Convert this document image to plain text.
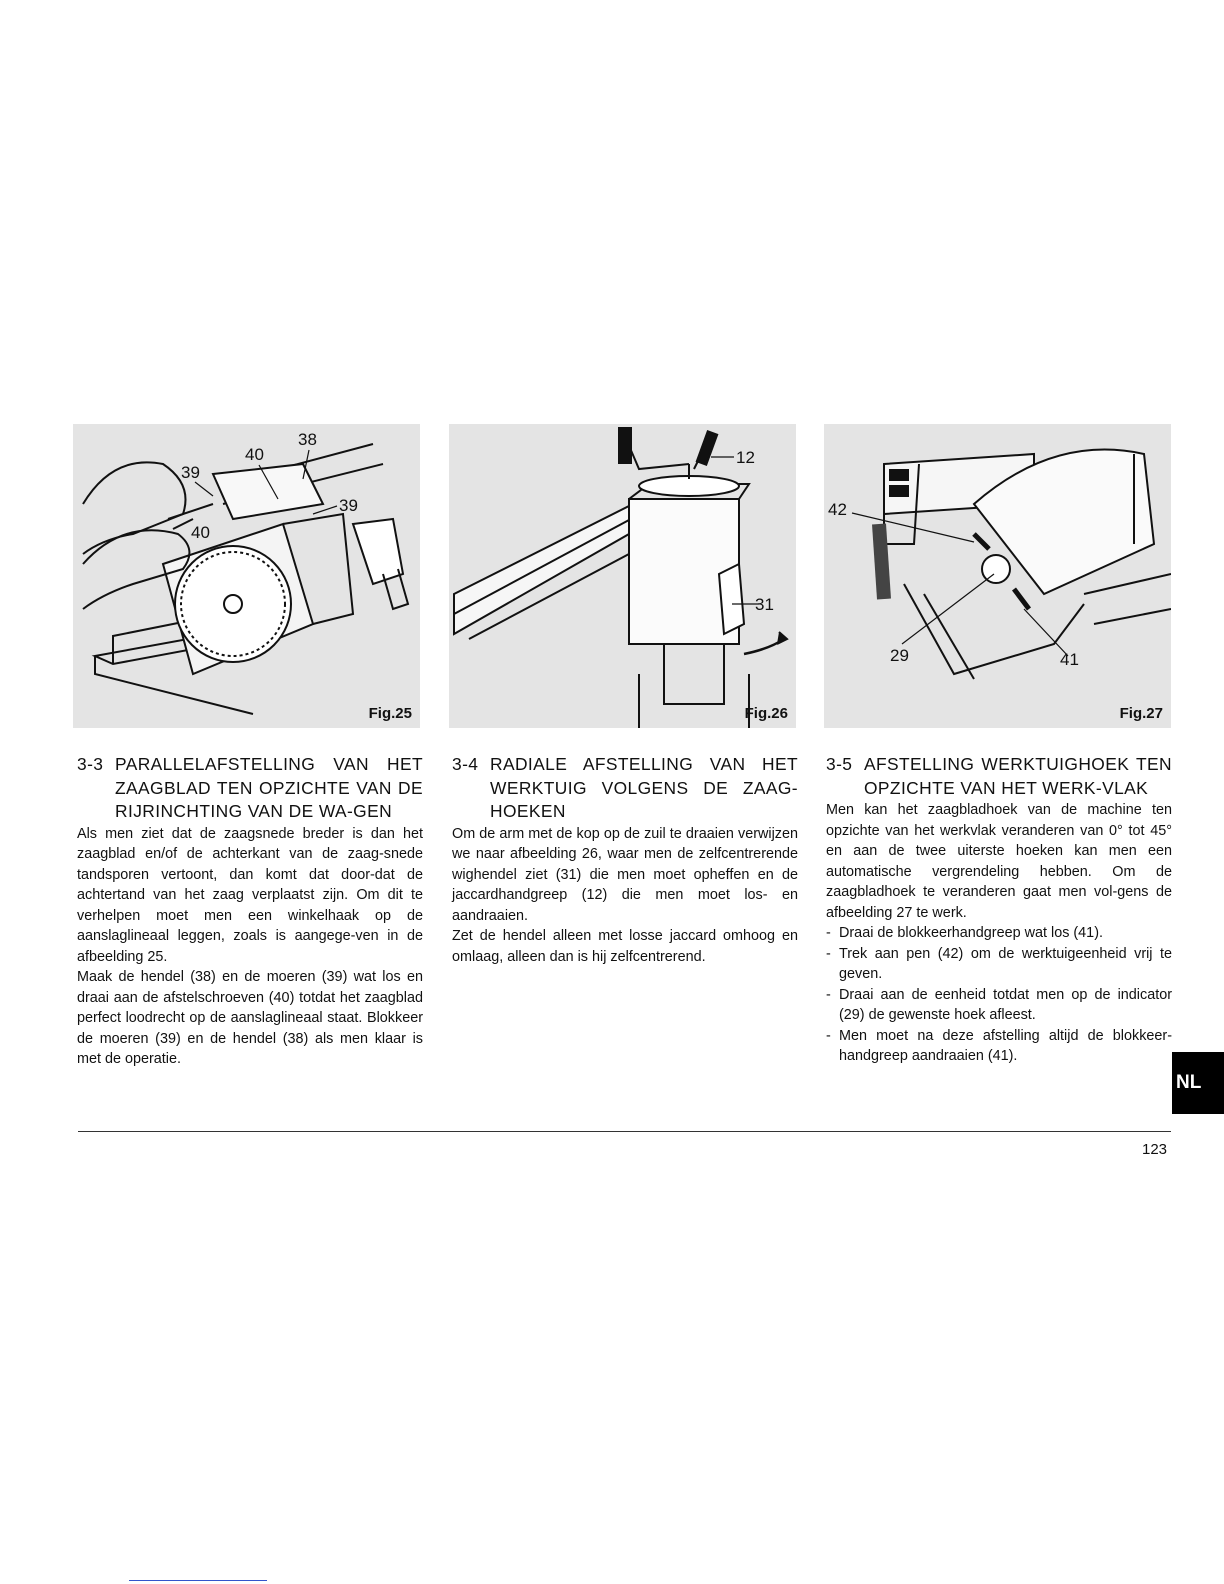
38
40
39
39
40
Fig.25
12
31
Fig.26
42
29	41
Fig.27
3-3 PARALLELAFSTELLING VAN HET ZAAGBLAD TEN OPZICHTE VAN DE RIJRINCHTING VAN DE WA-GEN

Als men ziet dat de zaagsnede breder is dan het zaagblad en/of de achterkant van de zaag-snede tandsporen vertoont, dan komt dat door-dat de achtertand van het zaag verplaatst zijn. Om dit te verhelpen moet men een winkelhaak op de aanslaglineaal leggen, zoals is aangege-ven in de afbeelding 25.

Maak de hendel (38) en de moeren (39) wat los en draai aan de afstelschroeven (40) totdat het zaagblad perfect loodrecht op de aanslaglineaal staat. Blokkeer de moeren (39) en de hendel (38) als men klaar is met de operatie.

3-4 RADIALE AFSTELLING VAN HET WERKTUIG VOLGENS DE ZAAG-HOEKEN

Om de arm met de kop op de zuil te draaien verwijzen we naar afbeelding 26, waar men de zelfcentrerende wighendel ziet (31) die men moet opheffen en de jaccardhandgreep (12) die men moet los- en aandraaien.

Zet de hendel alleen met losse jaccard omhoog en omlaag, alleen dan is hij zelfcentrerend.

3-5 AFSTELLING WERKTUIGHOEK TEN OPZICHTE VAN HET WERK-VLAK

Men kan het zaagbladhoek van de machine ten opzichte van het werkvlak veranderen van 0° tot 45° en aan de twee uiterste hoeken kan men een automatische vergrendeling hebben. Om de zaagbladhoek te veranderen gaat men vol-gens de afbeelding 27 te werk.

- Draai de blokkeerhandgreep wat los (41).
- Trek aan pen (42) om de werktuigeenheid vrij te geven.
- Draai aan de eenheid totdat men op de indicator (29) de gewenste hoek afleest.
- Men moet na deze afstelling altijd de blokkeer-handgreep aandraaien (41).
NL
123
